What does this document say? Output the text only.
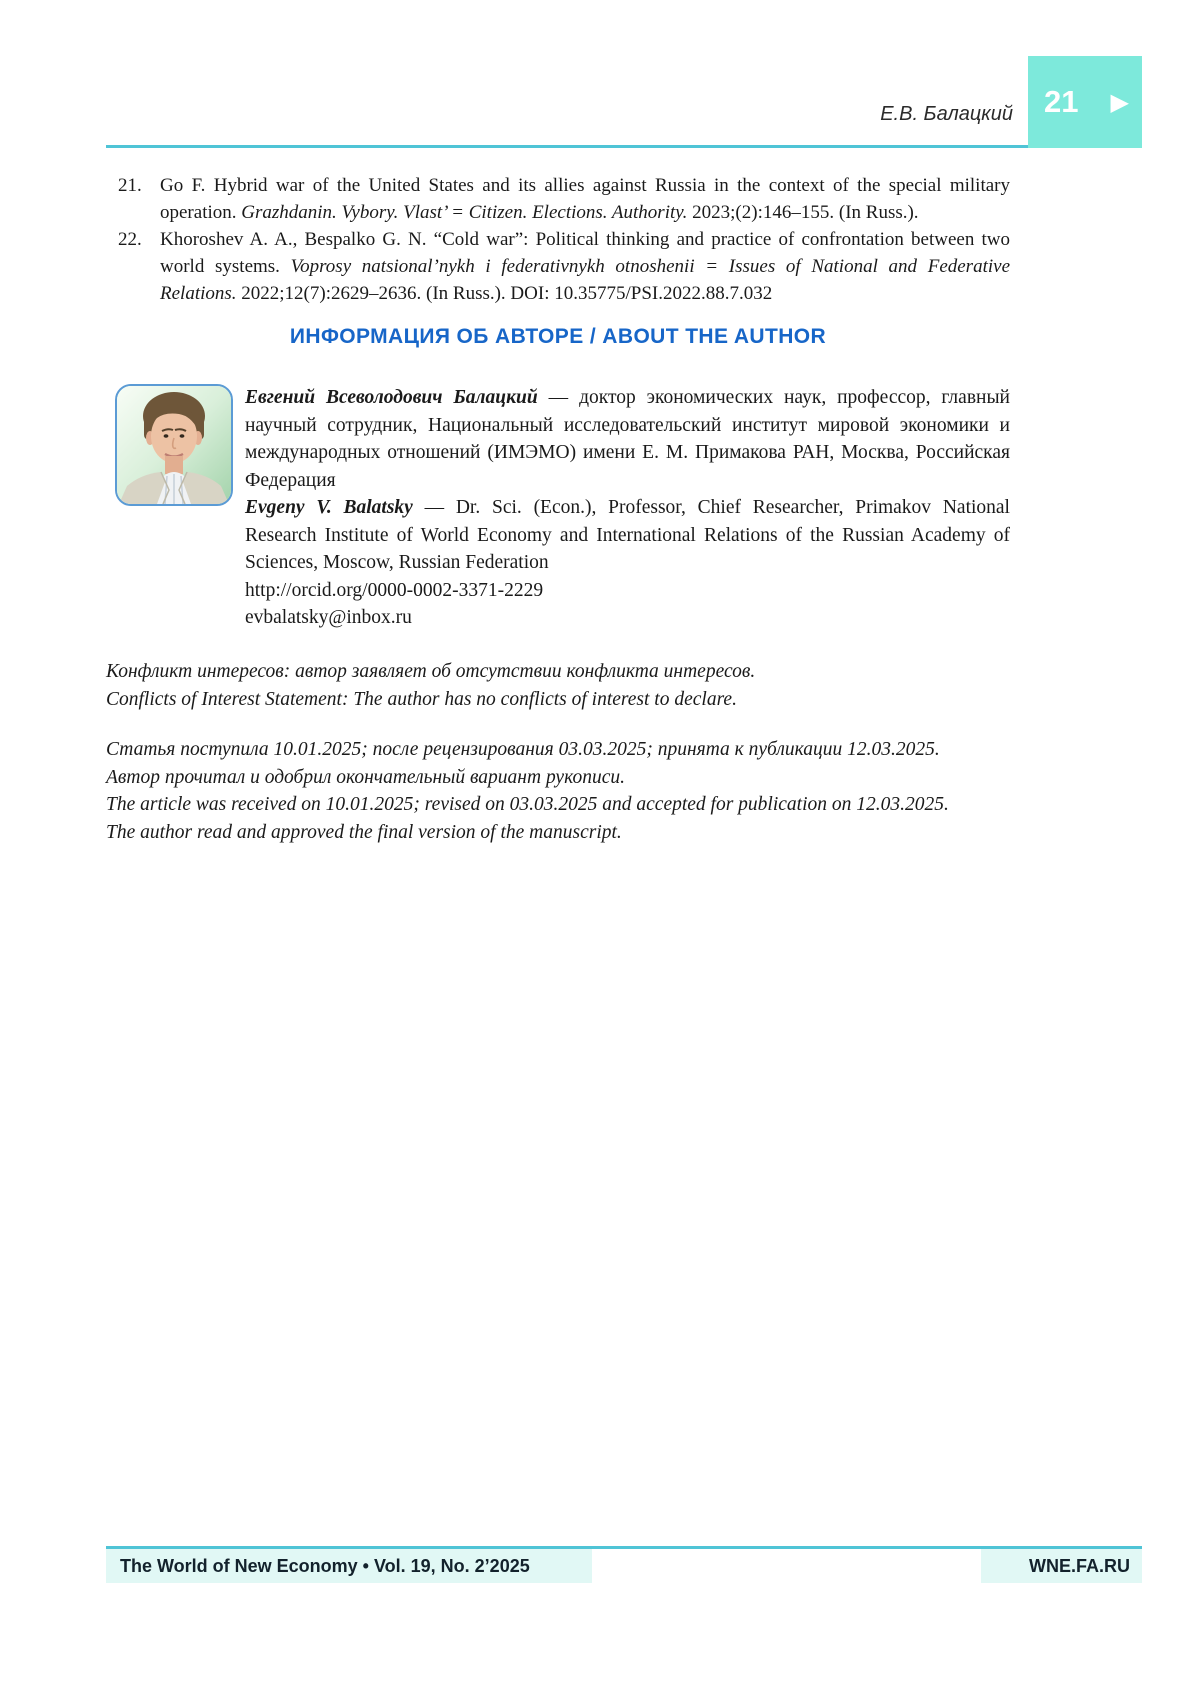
Е.В. Балацкий 21 ▶
21. Go F. Hybrid war of the United States and its allies against Russia in the context of the special military operation. Grazhdanin. Vybory. Vlast’ = Citizen. Elections. Authority. 2023;(2):146–155. (In Russ.).

22. Khoroshev A. A., Bespalko G. N. “Cold war”: Political thinking and practice of confrontation between two world systems. Voprosy natsional’nykh i federativnykh otnoshenii = Issues of National and Federative Relations. 2022;12(7):2629–2636. (In Russ.). DOI: 10.35775/PSI.2022.88.7.032

ИНФОРМАЦИЯ ОБ АВТОРЕ / ABOUT THE AUTHOR

Евгений Всеволодович Балацкий — доктор экономических наук, профессор, главный научный сотрудник, Национальный исследовательский институт мировой экономики и международных отношений (ИМЭМО) имени Е. М. Примакова РАН, Москва, Российская Федерация

Evgeny V. Balatsky — Dr. Sci. (Econ.), Professor, Chief Researcher, Primakov National Research Institute of World Economy and International Relations of the Russian Academy of Sciences, Moscow, Russian Federation

http://orcid.org/0000-0002-3371-2229

evbalatsky@inbox.ru

Конфликт интересов: автор заявляет об отсутствии конфликта интересов.

Conflicts of Interest Statement: The author has no conflicts of interest to declare.

Статья поступила 10.01.2025; после рецензирования 03.03.2025; принята к публикации 12.03.2025.

Автор прочитал и одобрил окончательный вариант рукописи.

The article was received on 10.01.2025; revised on 03.03.2025 and accepted for publication on 12.03.2025.

The author read and approved the final version of the manuscript.

The World of New Economy • Vol. 19, No. 2’2025	WNE.FA.RU
